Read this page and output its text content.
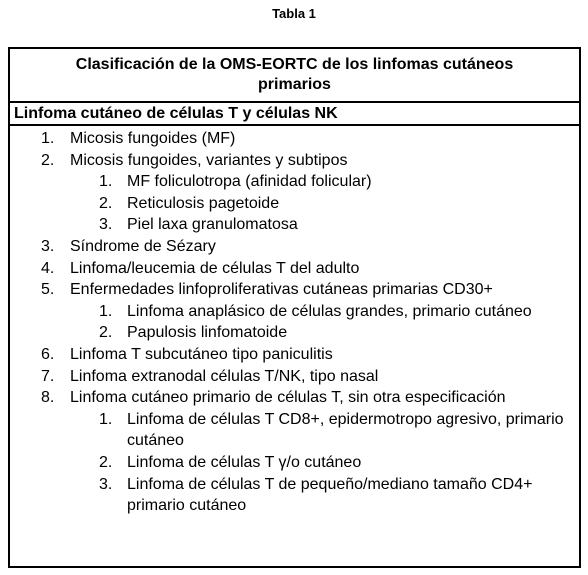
Tabla 1
Clasificación de la OMS-EORTC de los linfomas cutáneos primarios
Linfoma cutáneo de células T y células NK
1. Micosis fungoides (MF)
2. Micosis fungoides, variantes y subtipos
1. MF foliculotropa (afinidad folicular)
2. Reticulosis pagetoide
3. Piel laxa granulomatosa
3. Síndrome de Sézary
4. Linfoma/leucemia de células T del adulto
5. Enfermedades linfoproliferativas cutáneas primarias CD30+
1. Linfoma anaplásico de células grandes, primario cutáneo
2. Papulosis linfomatoide
6. Linfoma T subcutáneo tipo paniculitis
7. Linfoma extranodal células T/NK, tipo nasal
8. Linfoma cutáneo primario de células T, sin otra especificación
1. Linfoma de células T CD8+, epidermotropo agresivo, primario cutáneo
2. Linfoma de células T γ/o cutáneo
3. Linfoma de células T de pequeño/mediano tamaño CD4+ primario cutáneo
